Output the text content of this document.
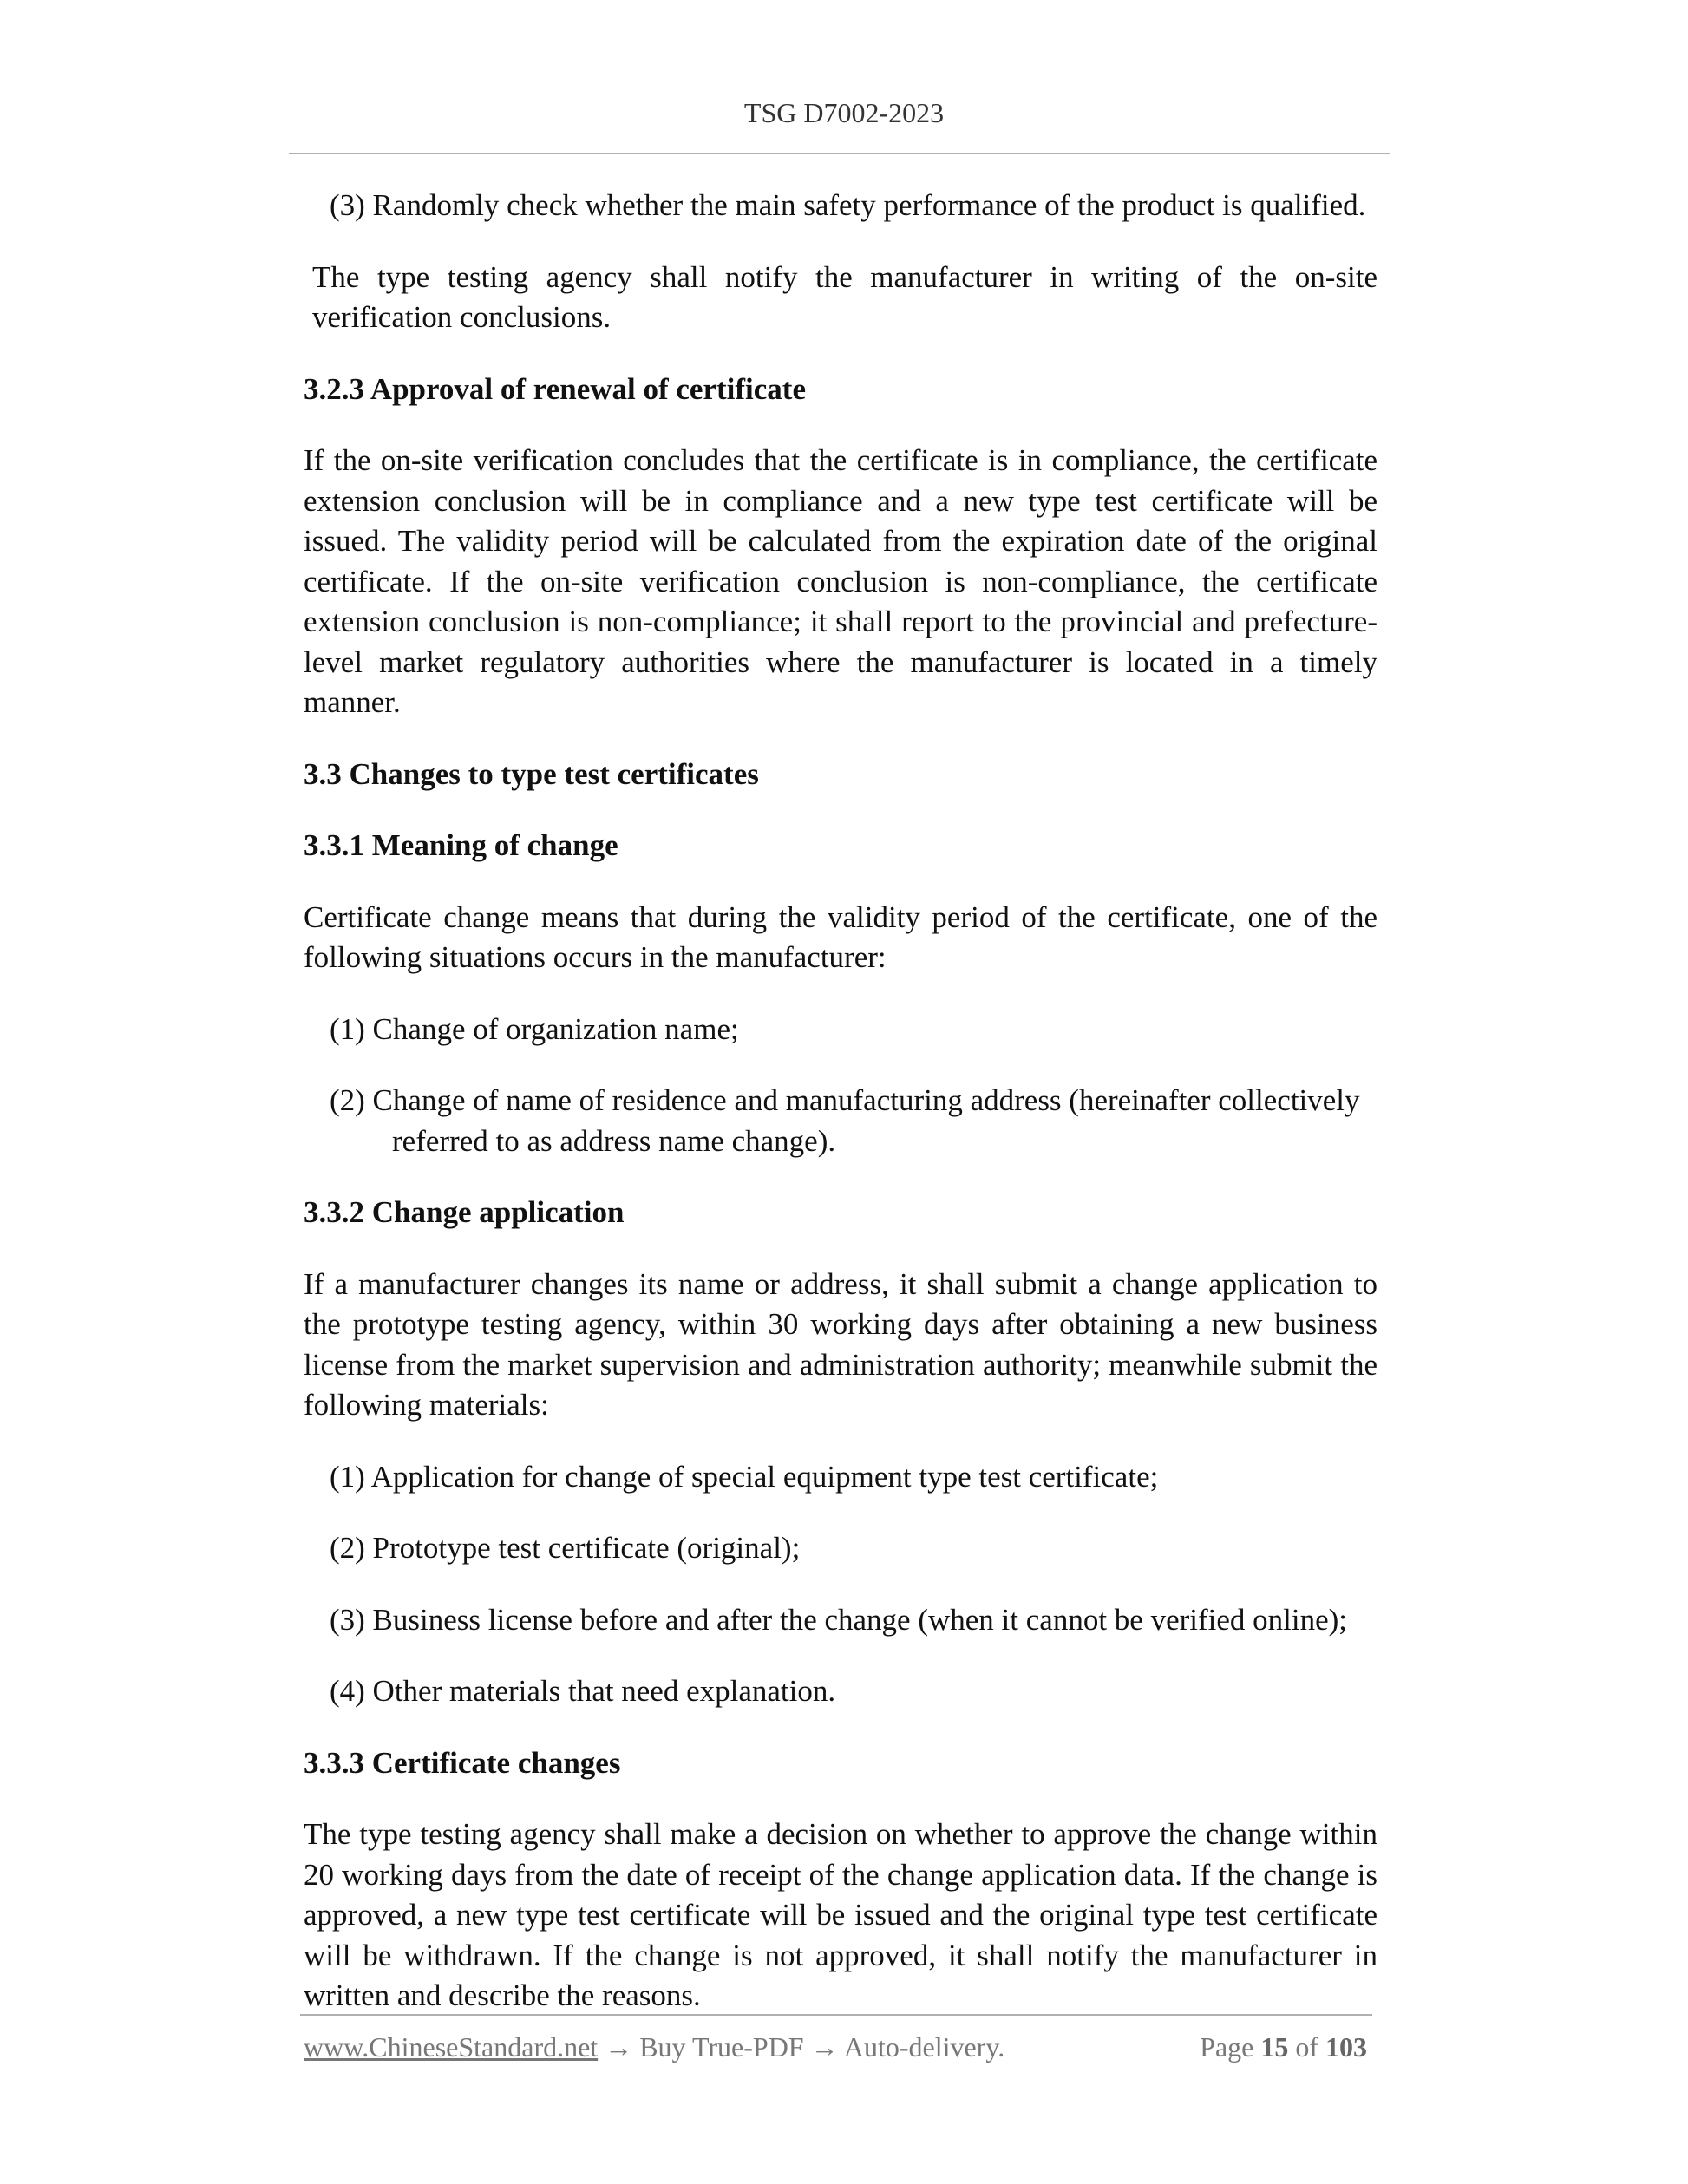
TSG D7002-2023

(3) Randomly check whether the main safety performance of the product is qualified.

The type testing agency shall notify the manufacturer in writing of the on-site verification conclusions.

3.2.3 Approval of renewal of certificate

If the on-site verification concludes that the certificate is in compliance, the certificate extension conclusion will be in compliance and a new type test certificate will be issued. The validity period will be calculated from the expiration date of the original certificate. If the on-site verification conclusion is non-compliance, the certificate extension conclusion is non-compliance; it shall report to the provincial and prefecture-level market regulatory authorities where the manufacturer is located in a timely manner.

3.3 Changes to type test certificates

3.3.1 Meaning of change

Certificate change means that during the validity period of the certificate, one of the following situations occurs in the manufacturer:

(1) Change of organization name;

(2) Change of name of residence and manufacturing address (hereinafter collectively referred to as address name change).

3.3.2 Change application

If a manufacturer changes its name or address, it shall submit a change application to the prototype testing agency, within 30 working days after obtaining a new business license from the market supervision and administration authority; meanwhile submit the following materials:

(1) Application for change of special equipment type test certificate;

(2) Prototype test certificate (original);

(3) Business license before and after the change (when it cannot be verified online);

(4) Other materials that need explanation.

3.3.3 Certificate changes

The type testing agency shall make a decision on whether to approve the change within 20 working days from the date of receipt of the change application data. If the change is approved, a new type test certificate will be issued and the original type test certificate will be withdrawn. If the change is not approved, it shall notify the manufacturer in written and describe the reasons.

www.ChineseStandard.net → Buy True-PDF → Auto-delivery.	Page 15 of 103
